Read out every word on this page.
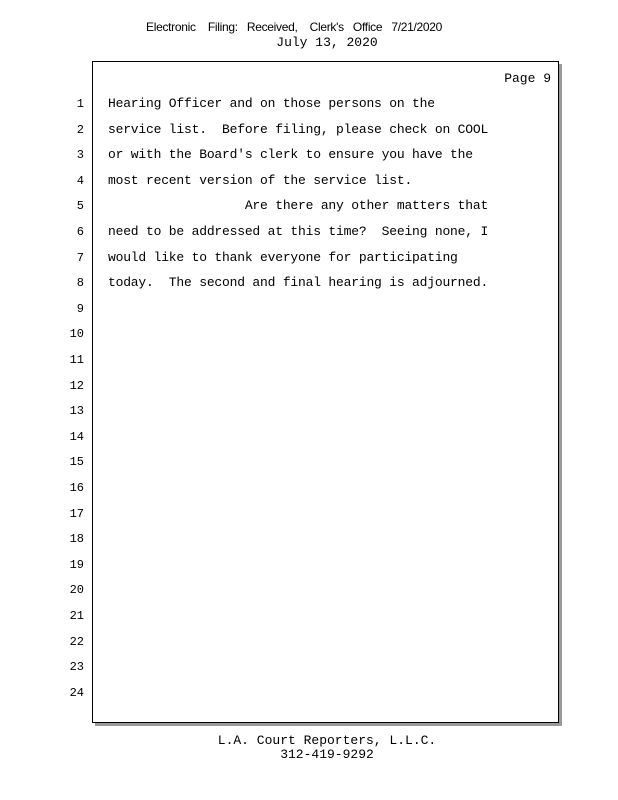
Electronic    Filing:   Received,    Clerk's   Office   7/21/2020
July 13, 2020
Page 9
1 Hearing Officer and on those persons on the
2 service list.  Before filing, please check on COOL
3 or with the Board's clerk to ensure you have the
4 most recent version of the service list.
5 Are there any other matters that
6 need to be addressed at this time?  Seeing none, I
7 would like to thank everyone for participating
8 today.  The second and final hearing is adjourned.
9
10
11
12
13
14
15
16
17
18
19
20
21
22
23
24
L.A. Court Reporters, L.L.C.
312-419-9292
